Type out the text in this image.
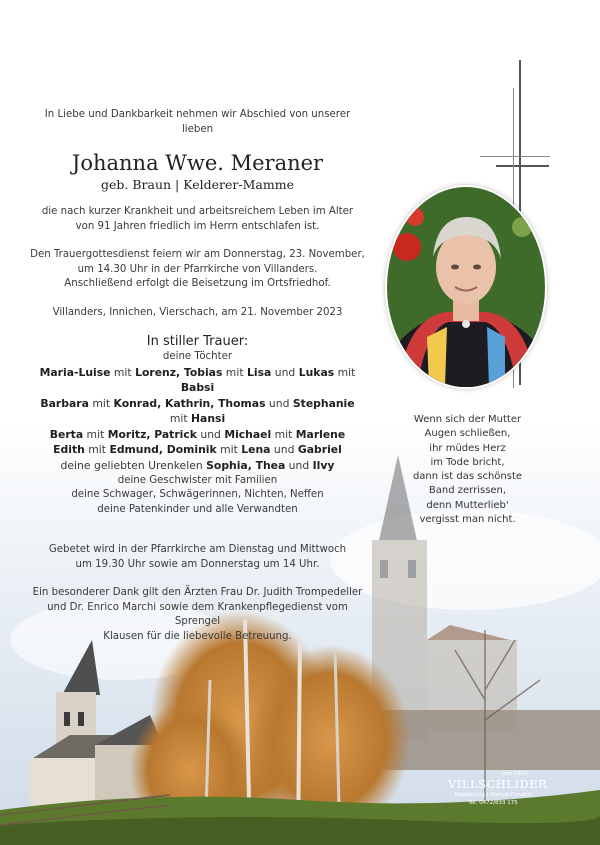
In Liebe und Dankbarkeit nehmen wir Abschied von unserer lieben

Johanna Wwe. Meraner

geb. Braun | Kelderer-Mamme

die nach kurzer Krankheit und arbeitsreichem Leben im Alter
von 91 Jahren friedlich im Herrn entschlafen ist.

Den Trauergottesdienst feiern wir am Donnerstag, 23. November,
um 14.30 Uhr in der Pfarrkirche von Villanders.
Anschließend erfolgt die Beisetzung im Ortsfriedhof.

Villanders, Innichen, Vierschach, am 21. November 2023

In stiller Trauer:

deine Töchter

Maria-Luise mit Lorenz, Tobias mit Lisa und Lukas mit Babsi

Barbara mit Konrad, Kathrin, Thomas und Stephanie mit Hansi

Berta mit Moritz, Patrick und Michael mit Marlene

Edith mit Edmund, Dominik mit Lena und Gabriel

deine geliebten Urenkelen Sophia, Thea und Ilvy

deine Geschwister mit Familien

deine Schwager, Schwägerinnen, Nichten, Neffen

deine Patenkinder und alle Verwandten

Gebetet wird in der Pfarrkirche am Dienstag und Mittwoch
um 19.30 Uhr sowie am Donnerstag um 14 Uhr.

Ein besonderer Dank gilt den Ärzten Frau Dr. Judith Trompedeller
und Dr. Enrico Marchi sowie dem Krankenpflegedienst vom Sprengel
Klausen für die liebevolle Betreuung.

Wenn sich der Mutter
Augen schließen,
ihr müdes Herz
im Tode bricht,
dann ist das schönste
Band zerrissen,
denn Mutterlieb'
vergisst man nicht.
seit 1929
VILLSCHLIDER
Bestattung | Pompe Funebri
Tel. 0472/833 175
